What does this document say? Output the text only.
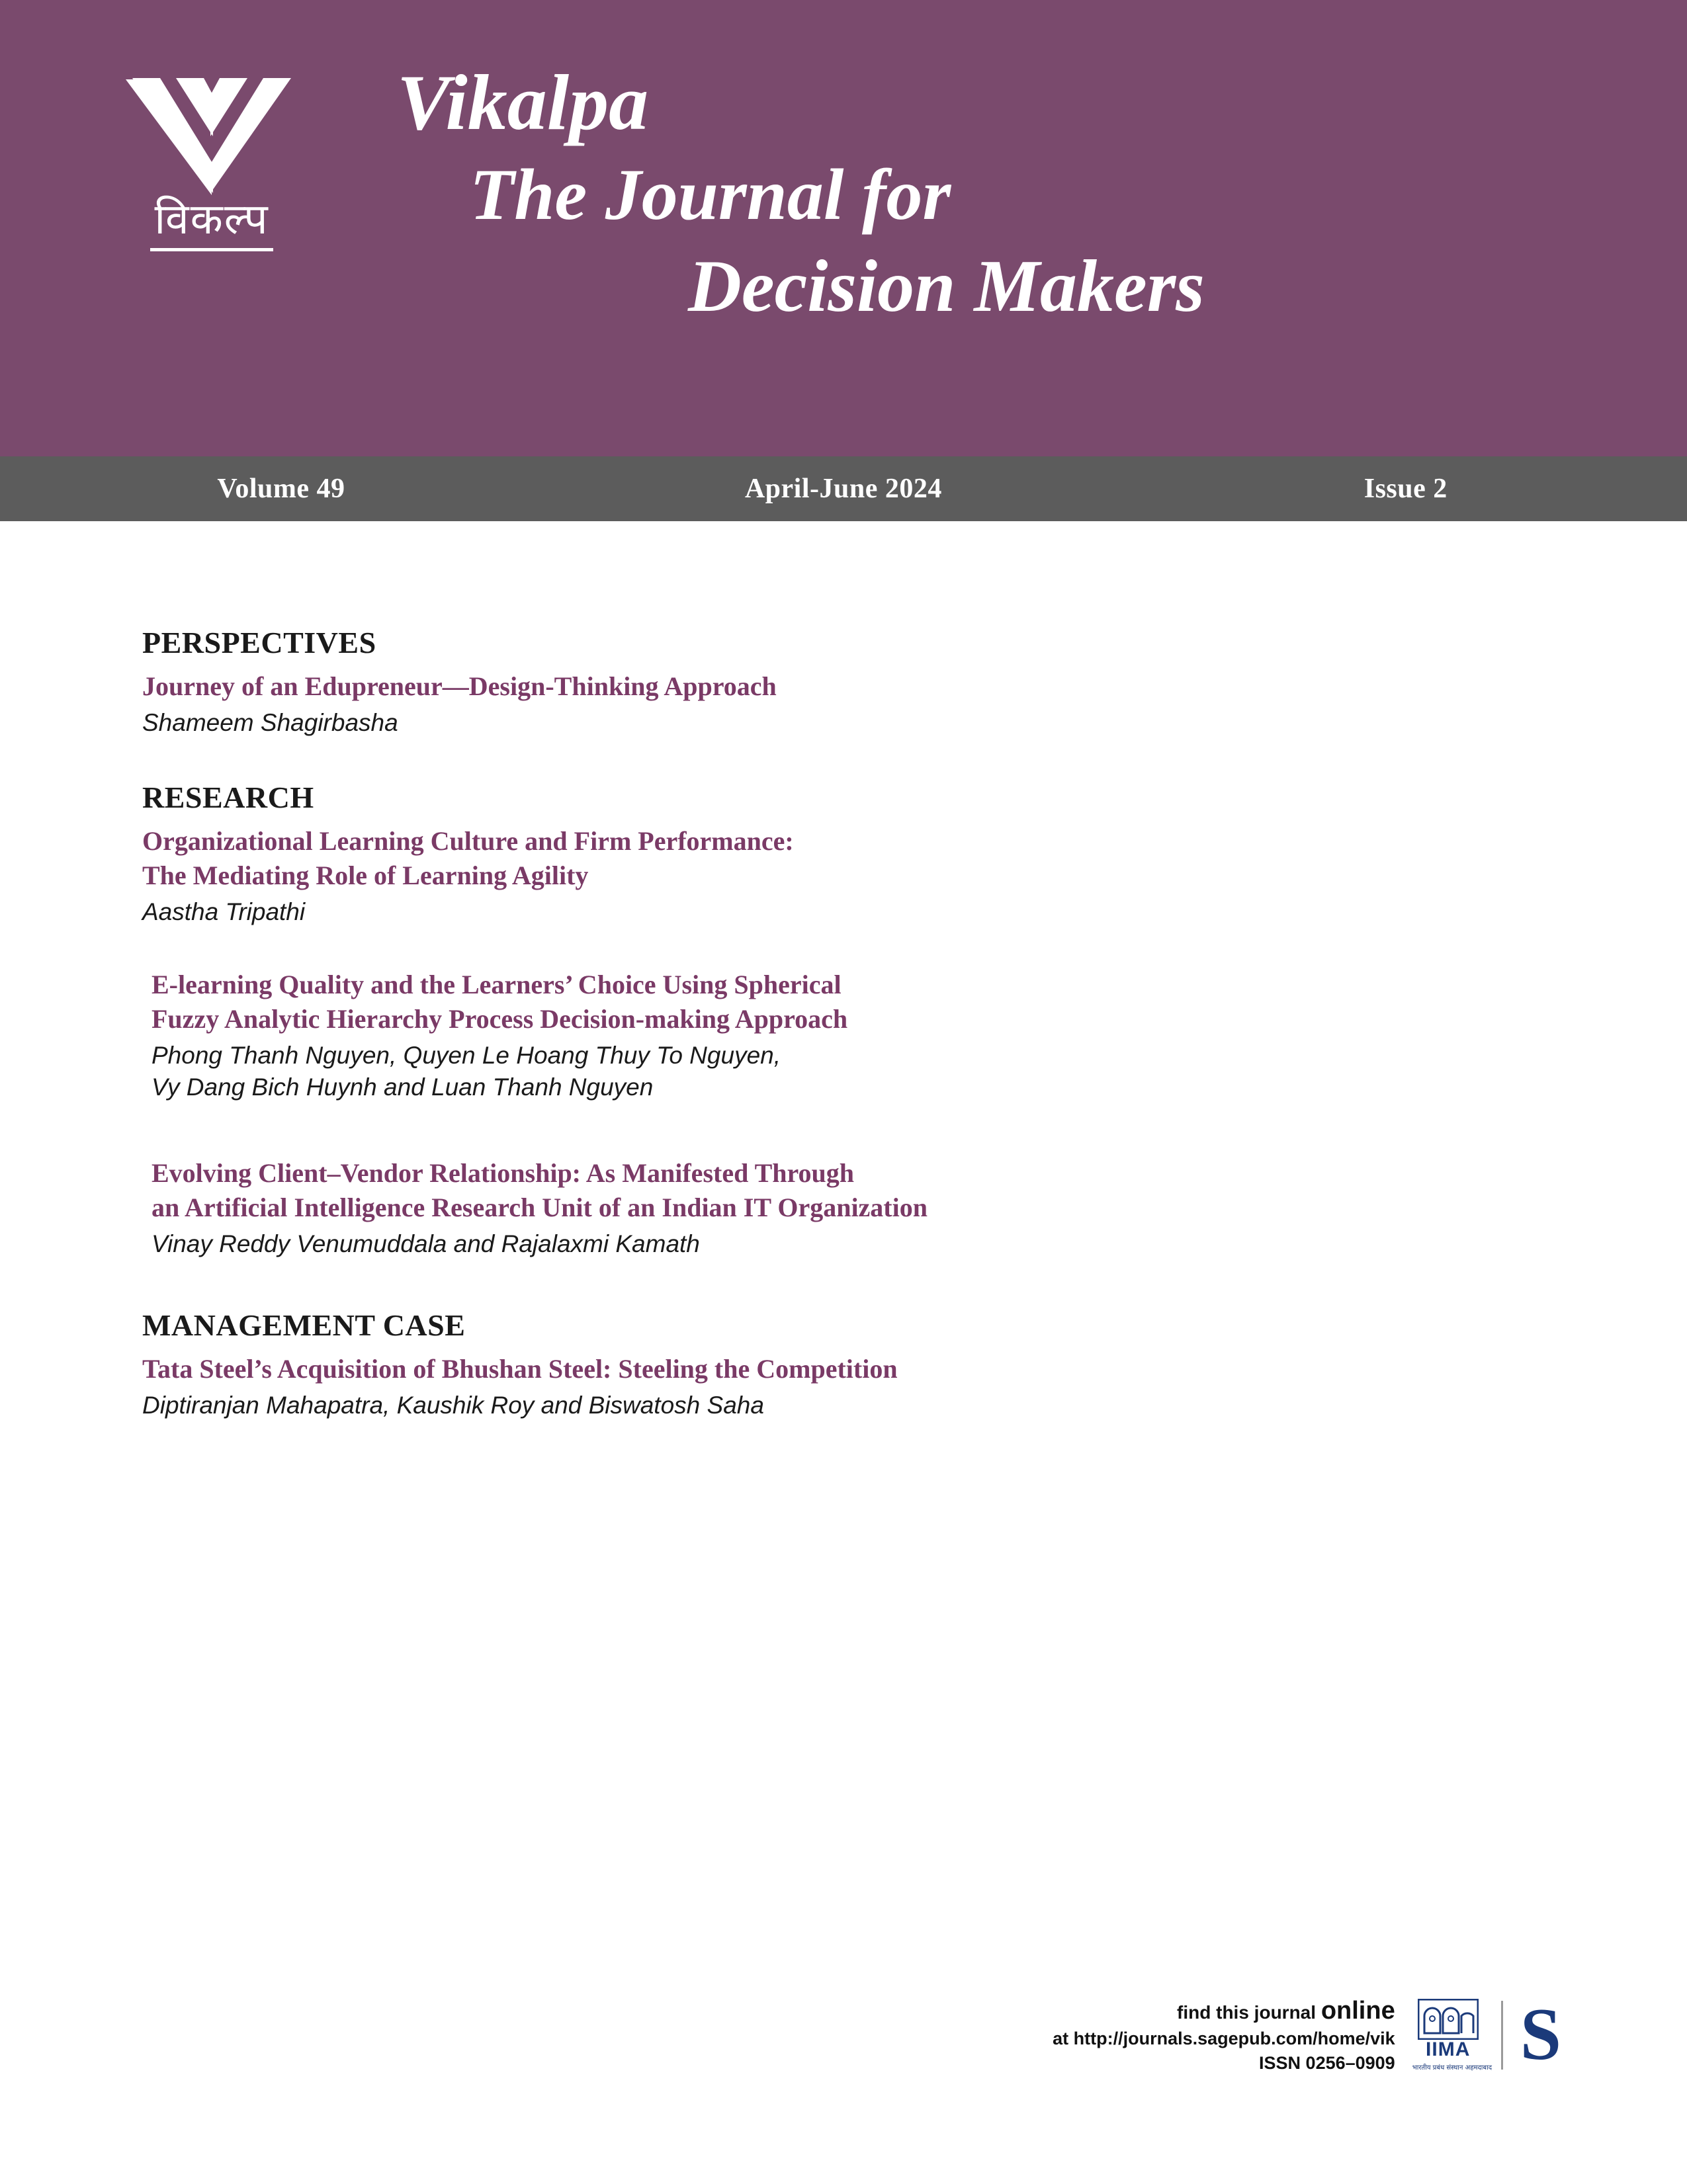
विकल्प
Vikalpa
The Journal for
Decision Makers
Volume 49	April-June 2024	Issue 2
PERSPECTIVES
Journey of an Edupreneur—Design-Thinking Approach
Shameem Shagirbasha
RESEARCH
Organizational Learning Culture and Firm Performance:
The Mediating Role of Learning Agility
Aastha Tripathi
E-learning Quality and the Learners’ Choice Using Spherical
Fuzzy Analytic Hierarchy Process Decision-making Approach
Phong Thanh Nguyen, Quyen Le Hoang Thuy To Nguyen,
Vy Dang Bich Huynh and Luan Thanh Nguyen
Evolving Client–Vendor Relationship: As Manifested Through
an Artificial Intelligence Research Unit of an Indian IT Organization
Vinay Reddy Venumuddala and Rajalaxmi Kamath
MANAGEMENT CASE
Tata Steel’s Acquisition of Bhushan Steel: Steeling the Competition
Diptiranjan Mahapatra, Kaushik Roy and Biswatosh Saha
find this journal online
at http://journals.sagepub.com/home/vik
ISSN 0256–0909
IIMA
भारतीय प्रबंध संस्थान अहमदाबाद S
